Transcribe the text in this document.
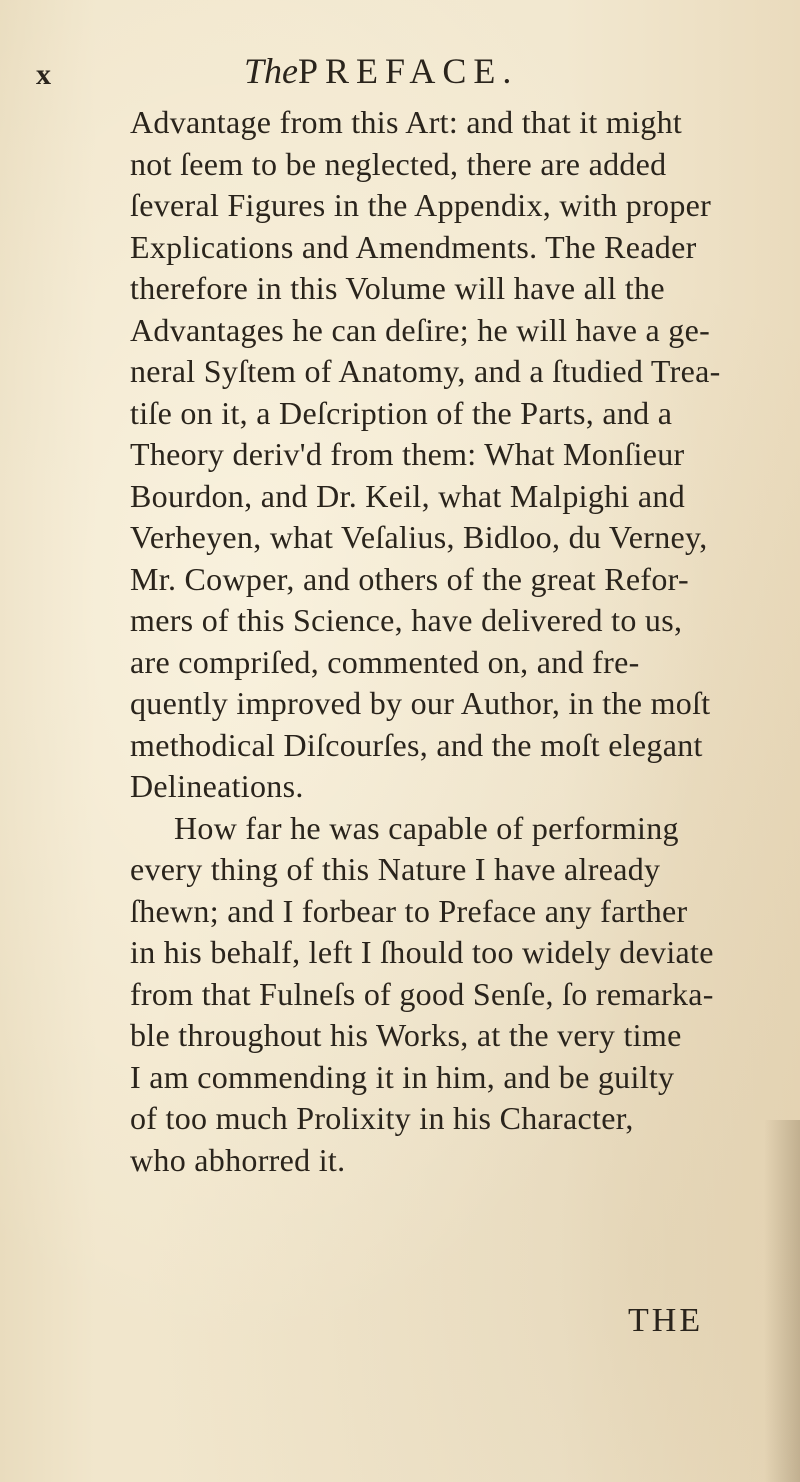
x	ThePREFACE.
Advantage from this Art: and that it might
not ſeem to be neglected, there are added
ſeveral Figures in the Appendix, with proper
Explications and Amendments. The Reader
therefore in this Volume will have all the
Advantages he can deſire; he will have a ge-
neral Syſtem of Anatomy, and a ſtudied Trea-
tiſe on it, a Deſcription of the Parts, and a
Theory deriv'd from them: What Monſieur
Bourdon, and Dr. Keil, what Malpighi and
Verheyen, what Veſalius, Bidloo, du Verney,
Mr. Cowper, and others of the great Refor-
mers of this Science, have delivered to us,
are compriſed, commented on, and fre-
quently improved by our Author, in the moſt
methodical Diſcourſes, and the moſt elegant
Delineations.
How far he was capable of performing
every thing of this Nature I have already
ſhewn; and I forbear to Preface any farther
in his behalf, left I ſhould too widely deviate
from that Fulneſs of good Senſe, ſo remarka-
ble throughout his Works, at the very time
I am commending it in him, and be guilty
of too much Prolixity in his Character,
who abhorred it.
THE
